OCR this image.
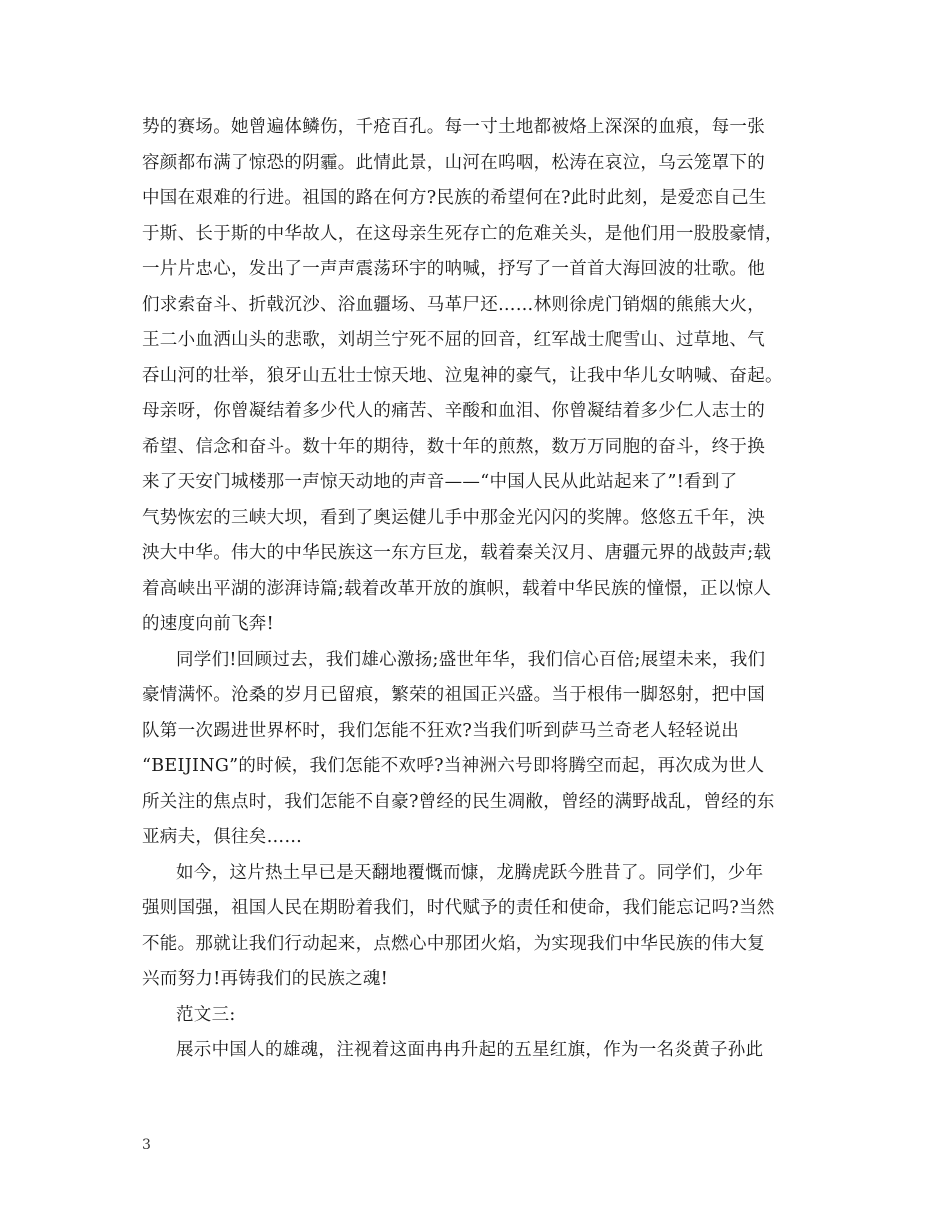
势的赛场。她曾遍体鳞伤，千疮百孔。每一寸土地都被烙上深深的血痕，每一张
容颜都布满了惊恐的阴霾。此情此景，山河在呜咽，松涛在哀泣，乌云笼罩下的
中国在艰难的行进。祖国的路在何方?民族的希望何在?此时此刻，是爱恋自己生
于斯、长于斯的中华故人，在这母亲生死存亡的危难关头，是他们用一股股豪情，
一片片忠心，发出了一声声震荡环宇的呐喊，抒写了一首首大海回波的壮歌。他
们求索奋斗、折戟沉沙、浴血疆场、马革尸还……林则徐虎门销烟的熊熊大火，
王二小血洒山头的悲歌，刘胡兰宁死不屈的回音，红军战士爬雪山、过草地、气
吞山河的壮举，狼牙山五壮士惊天地、泣鬼神的豪气，让我中华儿女呐喊、奋起。
母亲呀，你曾凝结着多少代人的痛苦、辛酸和血泪、你曾凝结着多少仁人志士的
希望、信念和奋斗。数十年的期待，数十年的煎熬，数万万同胞的奋斗，终于换
来了天安门城楼那一声惊天动地的声音——“中国人民从此站起来了”!看到了
气势恢宏的三峡大坝，看到了奥运健儿手中那金光闪闪的奖牌。悠悠五千年，泱
泱大中华。伟大的中华民族这一东方巨龙，载着秦关汉月、唐疆元界的战鼓声;载
着高峡出平湖的澎湃诗篇;载着改革开放的旗帜，载着中华民族的憧憬，正以惊人
的速度向前飞奔!
同学们!回顾过去，我们雄心激扬;盛世年华，我们信心百倍;展望未来，我们
豪情满怀。沧桑的岁月已留痕，繁荣的祖国正兴盛。当于根伟一脚怒射，把中国
队第一次踢进世界杯时，我们怎能不狂欢?当我们听到萨马兰奇老人轻轻说出
“BEIJING”的时候，我们怎能不欢呼?当神洲六号即将腾空而起，再次成为世人
所关注的焦点时，我们怎能不自豪?曾经的民生凋敝，曾经的满野战乱，曾经的东
亚病夫，俱往矣……
如今，这片热土早已是天翻地覆慨而慷，龙腾虎跃今胜昔了。同学们，少年
强则国强，祖国人民在期盼着我们，时代赋予的责任和使命，我们能忘记吗?当然
不能。那就让我们行动起来，点燃心中那团火焰，为实现我们中华民族的伟大复
兴而努力!再铸我们的民族之魂!
范文三:
展示中国人的雄魂，注视着这面冉冉升起的五星红旗，作为一名炎黄子孙此
3
